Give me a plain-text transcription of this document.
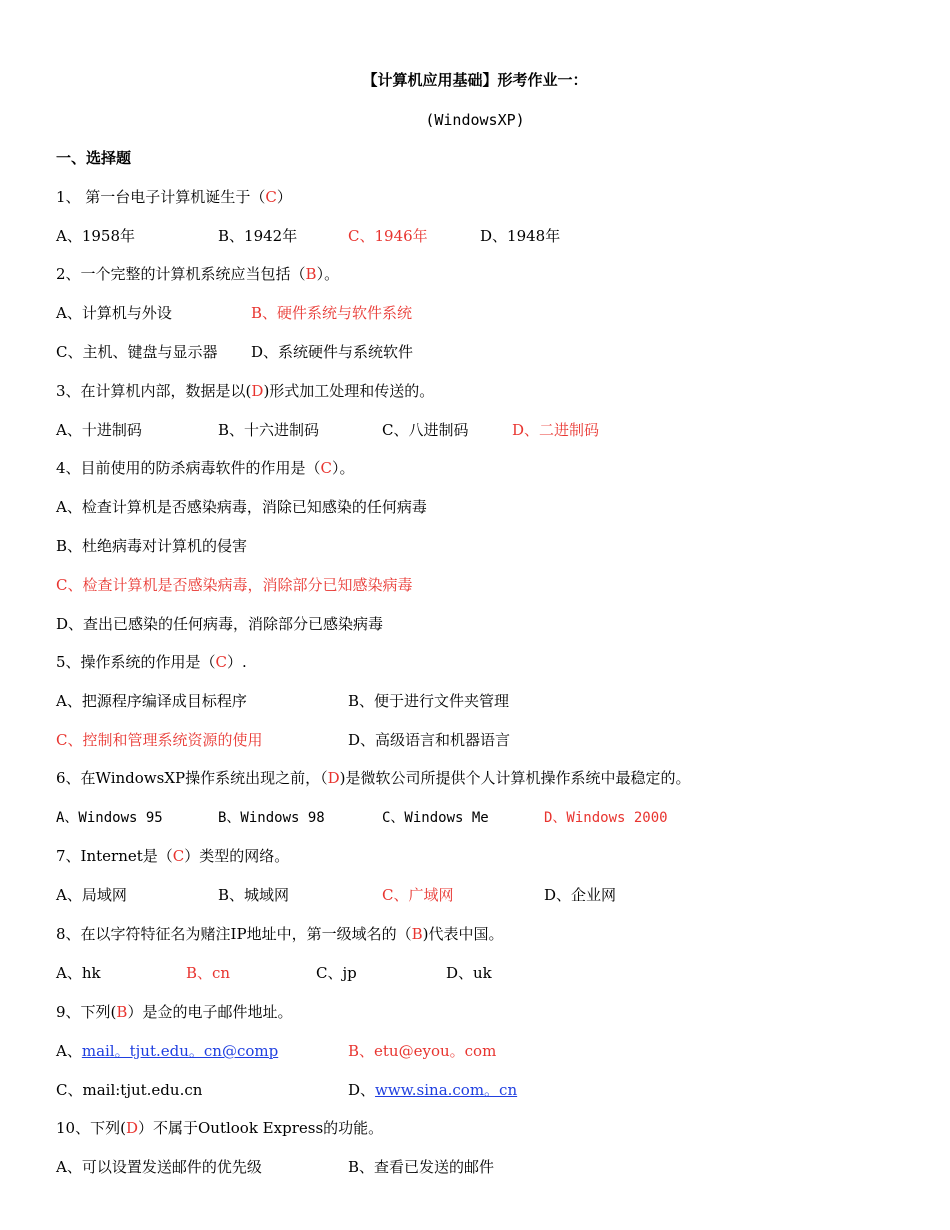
【计算机应用基础】形考作业一：
(WindowsXP)
一、选择题
1、 第一台电子计算机诞生于（C）
A、1958年	B、1942年	C、1946年	D、1948年
2、一个完整的计算机系统应当包括（B）。
A、计算机与外设	B、硬件系统与软件系统
C、主机、键盘与显示器 D、系统硬件与系统软件
3、在计算机内部，数据是以(D)形式加工处理和传送的。
A、十进制码	B、十六进制码	C、八进制码	D、二进制码
4、目前使用的防杀病毒软件的作用是（C）。
A、检查计算机是否感染病毒，消除已知感染的任何病毒
B、杜绝病毒对计算机的侵害
C、检查计算机是否感染病毒，消除部分已知感染病毒
D、查出已感染的任何病毒，消除部分已感染病毒
5、操作系统的作用是（C）.
A、把源程序编译成目标程序	B、便于进行文件夹管理
C、控制和管理系统资源的使用	D、高级语言和机器语言
6、在WindowsXP操作系统出现之前，（D)是微软公司所提供个人计算机操作系统中最稳定的。
A、Windows 95	B、Windows 98	C、Windows Me	D、Windows 2000
7、Internet是（C）类型的网络。
A、局域网	B、城域网	C、广域网	D、企业网
8、在以字符特征名为赌注IP地址中，第一级域名的（B)代表中国。
A、hk	B、cn	C、jp	D、uk
9、下列(B）是佥的电子邮件地址。
A、mail。tjut.edu。cn@comp	B、etu@eyou。com
C、mail:tjut.edu.cn	D、www.sina.com。cn
10、下列(D）不属于Outlook Express的功能。
A、可以设置发送邮件的优先级	B、查看已发送的邮件
